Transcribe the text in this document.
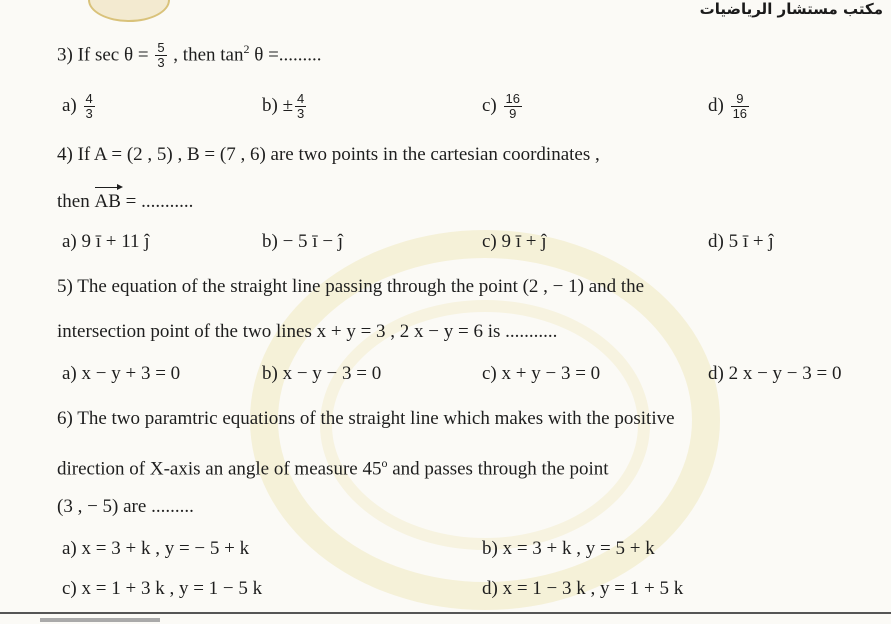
مكتب مستشار الرياضيات
3) If $\sec \theta = \frac{5}{3}$ , then $\tan^2 \theta$ =.........
$a) \frac{4}{3}$	$b) \pm \frac{4}{3}$	$c) \frac{16}{9}$	$d) \frac{9}{16}$
4) If A = (2 , 5) , B = (7 , 6) are two points in the cartesian coordinates ,
then AB = ...........
a) 9 ī + 11 ĵ	b) − 5 ī − ĵ	c) 9 ī + ĵ	d) 5 ī + ĵ
5) The equation of the straight line passing through the point (2 , − 1) and the
intersection point of the two lines x + y = 3 , 2 x − y = 6 is ...........
a) x − y + 3 = 0	b) x − y − 3 = 0	c) x + y − 3 = 0	d) 2 x − y − 3 = 0
6) The two paramtric equations of the straight line which makes with the positive
direction of X-axis an angle of measure 45$^o$ and passes through the point
(3 , − 5) are .........
a) x = 3 + k , y = − 5 + k	b) x = 3 + k , y = 5 + k
c) x = 1 + 3 k , y = 1 − 5 k	d) x = 1 − 3 k , y = 1 + 5 k
